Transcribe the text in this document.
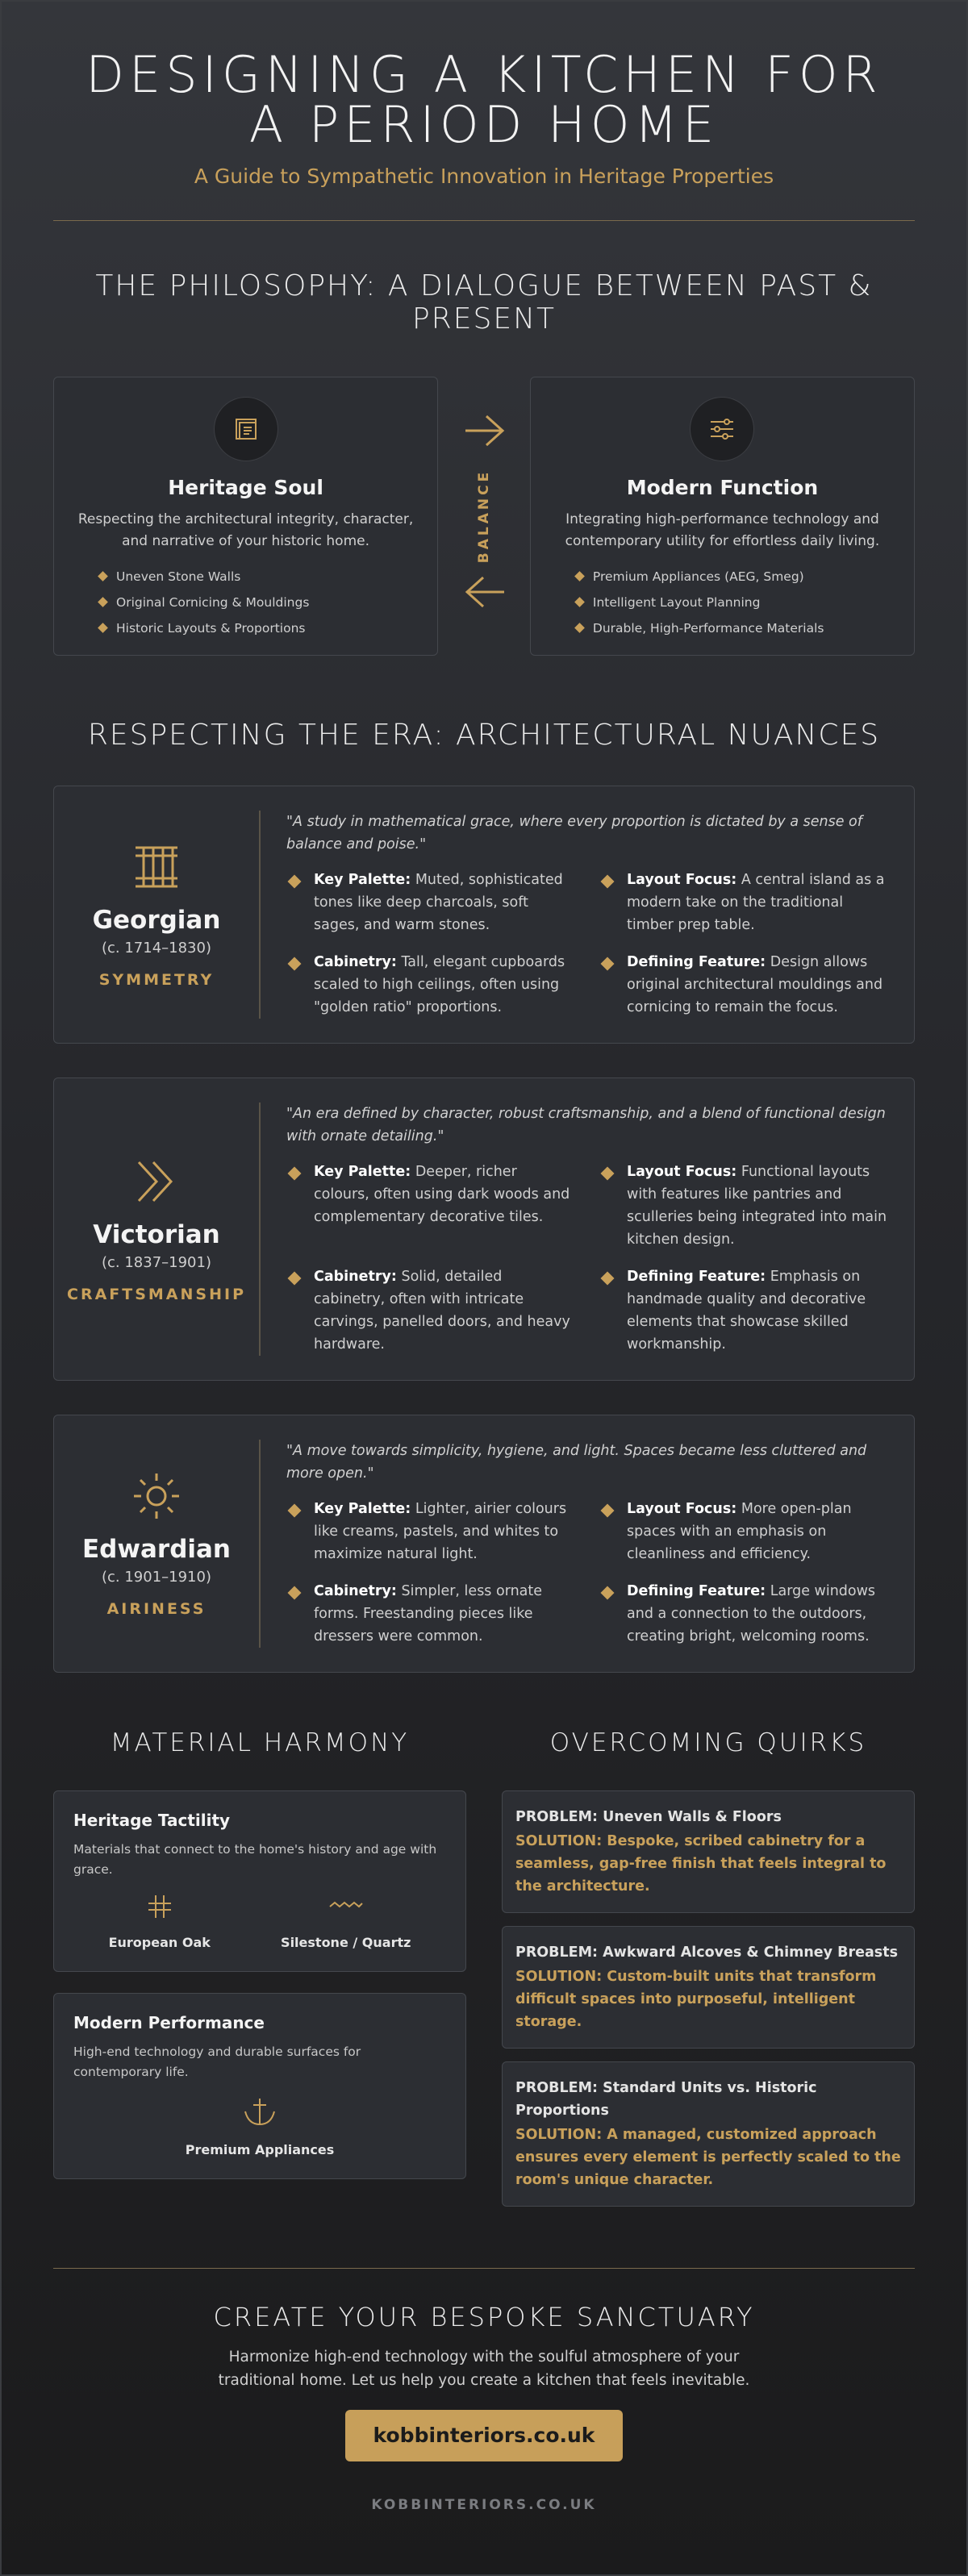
DESIGNING A KITCHEN FOR A PERIOD HOME
A Guide to Sympathetic Innovation in Heritage Properties
THE PHILOSOPHY: A DIALOGUE BETWEEN PAST & PRESENT
Heritage Soul

Respecting the architectural integrity, character, and narrative of your historic home.

Uneven Stone Walls
Original Cornicing & Mouldings
Historic Layouts & Proportions
BALANCE	Modern Function

Integrating high-performance technology and contemporary utility for effortless daily living.

Premium Appliances (AEG, Smeg)
Intelligent Layout Planning
Durable, High-Performance Materials
RESPECTING THE ERA: ARCHITECTURAL NUANCES
Georgian
(c. 1714–1830)
SYMMETRY
"A study in mathematical grace, where every proportion is dictated by a sense of balance and poise."
Key Palette: Muted, sophisticated tones like deep charcoals, soft sages, and warm stones.
Layout Focus: A central island as a modern take on the traditional timber prep table.
Cabinetry: Tall, elegant cupboards scaled to high ceilings, often using "golden ratio" proportions.
Defining Feature: Design allows original architectural mouldings and cornicing to remain the focus.
Victorian
(c. 1837–1901)
CRAFTSMANSHIP
"An era defined by character, robust craftsmanship, and a blend of functional design with ornate detailing."
Key Palette: Deeper, richer colours, often using dark woods and complementary decorative tiles.
Layout Focus: Functional layouts with features like pantries and sculleries being integrated into main kitchen design.
Cabinetry: Solid, detailed cabinetry, often with intricate carvings, panelled doors, and heavy hardware.
Defining Feature: Emphasis on handmade quality and decorative elements that showcase skilled workmanship.
Edwardian
(c. 1901–1910)
AIRINESS
"A move towards simplicity, hygiene, and light. Spaces became less cluttered and more open."
Key Palette: Lighter, airier colours like creams, pastels, and whites to maximize natural light.
Layout Focus: More open-plan spaces with an emphasis on cleanliness and efficiency.
Cabinetry: Simpler, less ornate forms. Freestanding pieces like dressers were common.
Defining Feature: Large windows and a connection to the outdoors, creating bright, welcoming rooms.
MATERIAL HARMONY
Heritage Tactility

Materials that connect to the home's history and age with grace.

European Oak	Silestone / Quartz
Modern Performance

High-end technology and durable surfaces for contemporary life.

Premium Appliances
OVERCOMING QUIRKS
PROBLEM: Uneven Walls & Floors
SOLUTION: Bespoke, scribed cabinetry for a seamless, gap-free finish that feels integral to the architecture.
PROBLEM: Awkward Alcoves & Chimney Breasts
SOLUTION: Custom-built units that transform difficult spaces into purposeful, intelligent storage.
PROBLEM: Standard Units vs. Historic Proportions
SOLUTION: A managed, customized approach ensures every element is perfectly scaled to the room's unique character.
CREATE YOUR BESPOKE SANCTUARY

Harmonize high-end technology with the soulful atmosphere of your traditional home. Let us help you create a kitchen that feels inevitable.

kobbinteriors.co.uk
KOBBINTERIORS.CO.UK
